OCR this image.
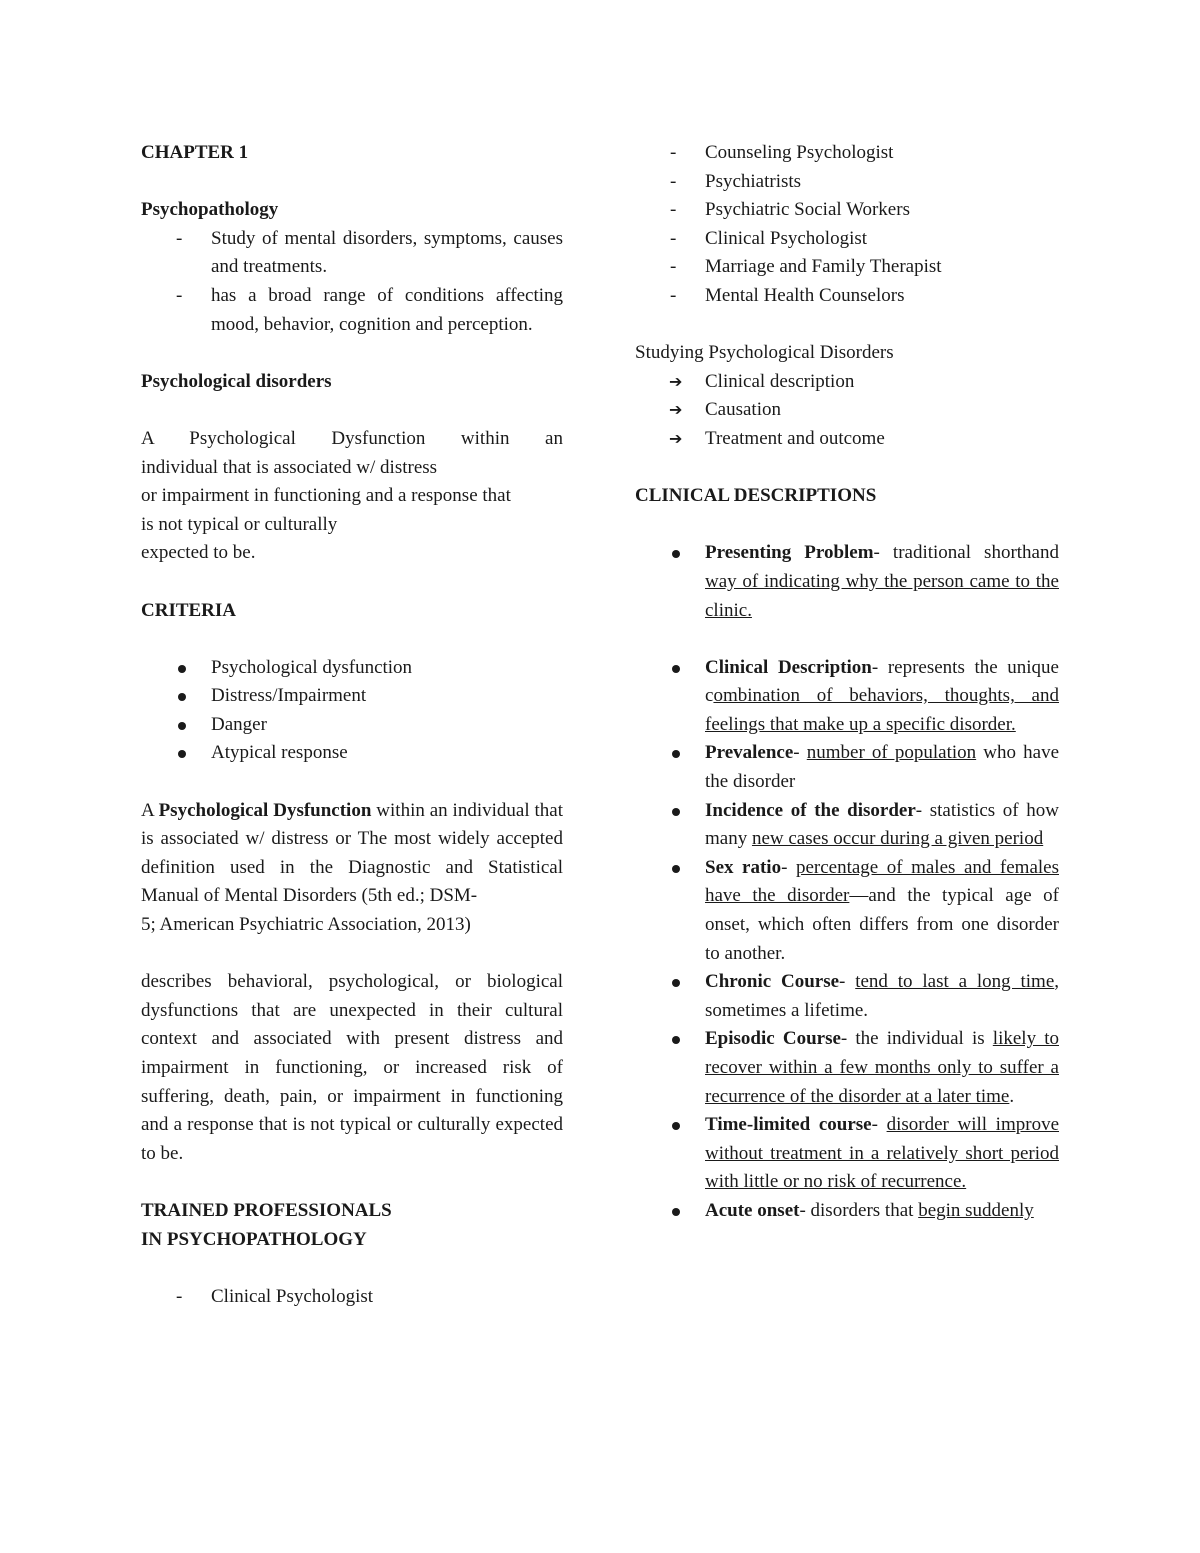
CHAPTER 1
Psychopathology
- Study of mental disorders, symptoms, causes and treatments.
- has a broad range of conditions affecting mood, behavior, cognition and perception.
Psychological disorders
A Psychological Dysfunction within an
individual that is associated w/ distress
or impairment in functioning and a response that
is not typical or culturally
expected to be.
CRITERIA
Psychological dysfunction
Distress/Impairment
Danger
Atypical response
A Psychological Dysfunction within an individual that is associated w/ distress or The most widely accepted definition used in the Diagnostic and Statistical Manual of Mental Disorders (5th ed.; DSM-
5; American Psychiatric Association, 2013)
describes behavioral, psychological, or biological dysfunctions that are unexpected in their cultural context and associated with present distress and impairment in functioning, or increased risk of suffering, death, pain, or impairment in functioning and a response that is not typical or culturally expected to be.
TRAINED PROFESSIONALS
IN PSYCHOPATHOLOGY
- Clinical Psychologist
- Counseling Psychologist
- Psychiatrists
- Psychiatric Social Workers
- Clinical Psychologist
- Marriage and Family Therapist
- Mental Health Counselors
Studying Psychological Disorders
➔ Clinical description
➔ Causation
➔ Treatment and outcome
CLINICAL DESCRIPTIONS
Presenting Problem- traditional shorthand way of indicating why the person came to the clinic.
Clinical Description- represents the unique combination of behaviors, thoughts, and feelings that make up a specific disorder.
Prevalence- number of population who have the disorder
Incidence of the disorder- statistics of how many new cases occur during a given period
Sex ratio- percentage of males and females have the disorder—and the typical age of onset, which often differs from one disorder to another.
Chronic Course- tend to last a long time, sometimes a lifetime.
Episodic Course- the individual is likely to recover within a few months only to suffer a recurrence of the disorder at a later time.
Time-limited course- disorder will improve without treatment in a relatively short period with little or no risk of recurrence.
Acute onset- disorders that begin suddenly
